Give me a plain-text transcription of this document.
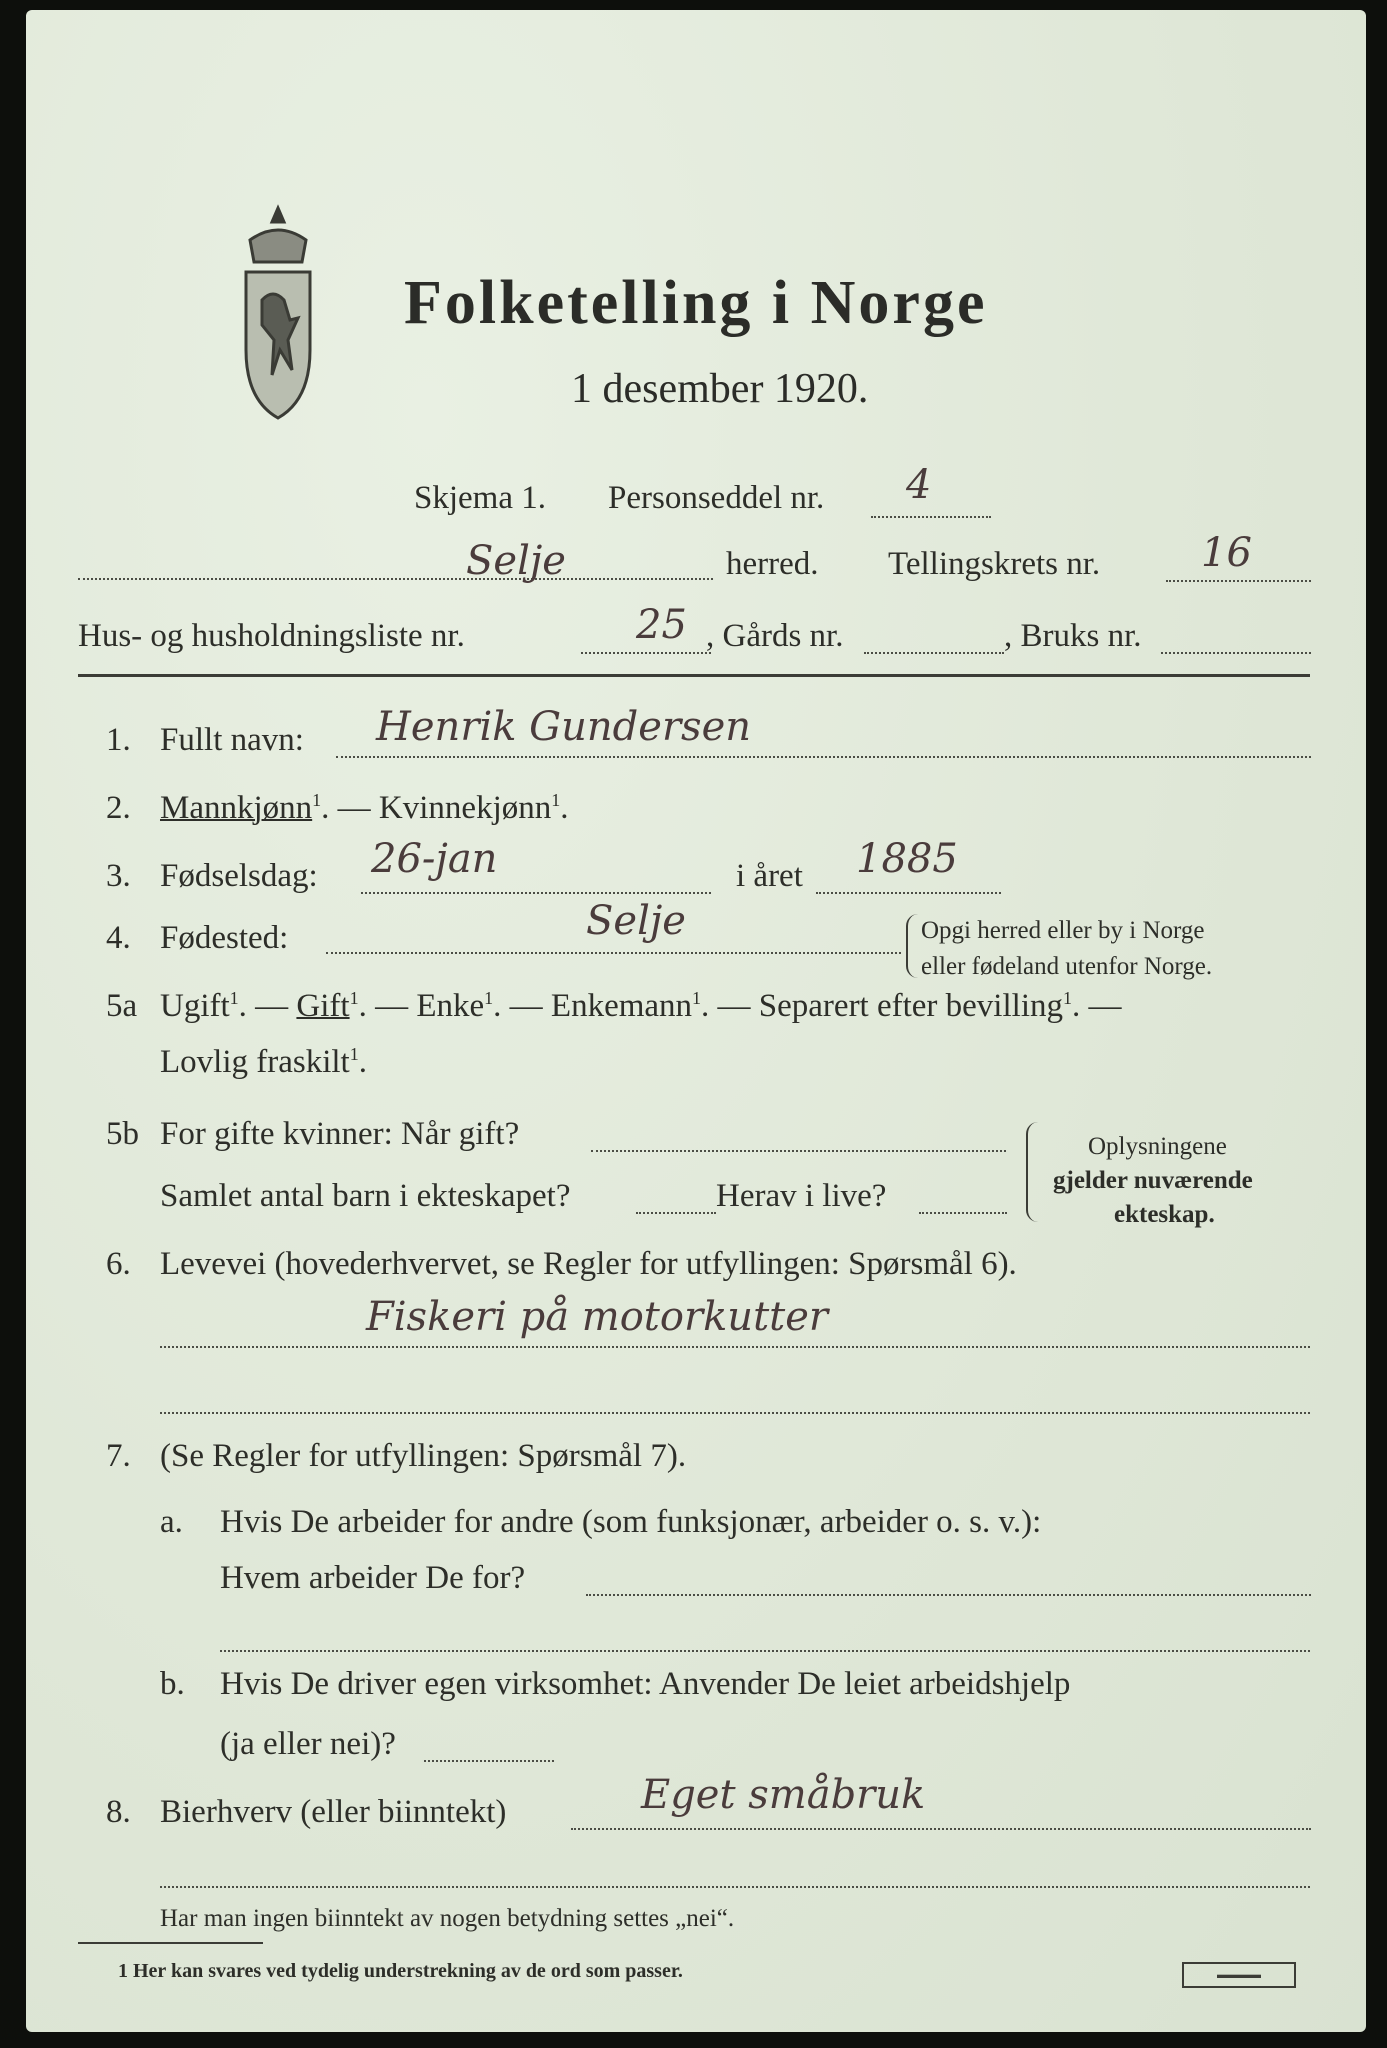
Folketelling i Norge
1 desember 1920.
Skjema 1. Personseddel nr. 4
Selje	herred. Tellingskrets nr.	16
Hus- og husholdningsliste nr.	25 , Gårds nr.	, Bruks nr.
1. Fullt navn: Henrik Gundersen
2. Mannkjønn$^1$. — Kvinnekjønn$^1$.
3. Fødselsdag: 26-jan	i året 1885
4. Fødested:	Selje	Opgi herred eller by i Norge
eller fødeland utenfor Norge.
5a Ugift$^1$. — Gift$^1$. — Enke$^1$. — Enkemann$^1$. — Separert efter bevilling$^1$. —
Lovlig fraskilt$^1$.
5b For gifte kvinner: Når gift?
Samlet antal barn i ekteskapet?	Herav i live?
Oplysningene
gjelder nuværende
ekteskap.
6. Levevei (hovederhvervet, se Regler for utfyllingen: Spørsmål 6).
Fiskeri på motorkutter
7. (Se Regler for utfyllingen: Spørsmål 7).
a. Hvis De arbeider for andre (som funksjonær, arbeider o. s. v.):
Hvem arbeider De for?
b. Hvis De driver egen virksomhet: Anvender De leiet arbeidshjelp
(ja eller nei)?
8. Bierhverv (eller biinntekt)	Eget småbruk
Har man ingen biinntekt av nogen betydning settes „nei“.
1 Her kan svares ved tydelig understrekning av de ord som passer.	▬▬▬▬
